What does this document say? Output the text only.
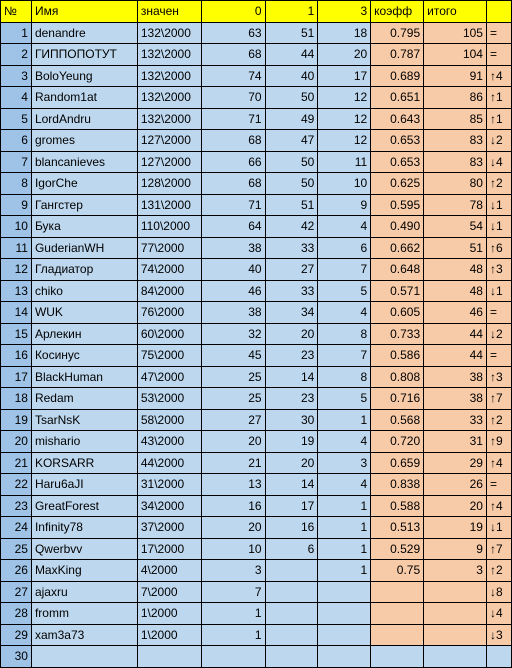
№	Имя	значен	0	1	3	коэфф	итого	
1	denandre	132\2000	63	51	18	0.795	105	=
2	ГИППОПОТУТ	132\2000	68	44	20	0.787	104	=
3	BoloYeung	132\2000	74	40	17	0.689	91	↑4
4	Random1at	132\2000	70	50	12	0.651	86	↑1
5	LordAndru	132\2000	71	49	12	0.643	85	↑1
6	gromes	127\2000	68	47	12	0.653	83	↓2
7	blancanieves	127\2000	66	50	11	0.653	83	↓4
8	IgorChe	128\2000	68	50	10	0.625	80	↑2
9	Гангстер	131\2000	71	51	9	0.595	78	↓1
10	Бука	110\2000	64	42	4	0.490	54	↓1
11	GuderianWH	77\2000	38	33	6	0.662	51	↑6
12	Гладиатор	74\2000	40	27	7	0.648	48	↑3
13	chiko	84\2000	46	33	5	0.571	48	↓1
14	WUK	76\2000	38	34	4	0.605	46	=
15	Арлекин	60\2000	32	20	8	0.733	44	↓2
16	Косинус	75\2000	45	23	7	0.586	44	=
17	BlackHuman	47\2000	25	14	8	0.808	38	↑3
18	Redam	53\2000	25	23	5	0.716	38	↑7
19	TsarNsK	58\2000	27	30	1	0.568	33	↑2
20	mishario	43\2000	20	19	4	0.720	31	↑9
21	KORSARR	44\2000	21	20	3	0.659	29	↑4
22	Haru6aJI	31\2000	13	14	4	0.838	26	=
23	GreatForest	34\2000	16	17	1	0.588	20	↑4
24	Infinity78	37\2000	20	16	1	0.513	19	↓1
25	Qwerbvv	17\2000	10	6	1	0.529	9	↑7
26	MaxKing	4\2000	3		1	0.75	3	↑2
27	ajaxru	7\2000	7					↓8
28	fromm	1\2000	1					↓4
29	xam3a73	1\2000	1					↓3
30								
